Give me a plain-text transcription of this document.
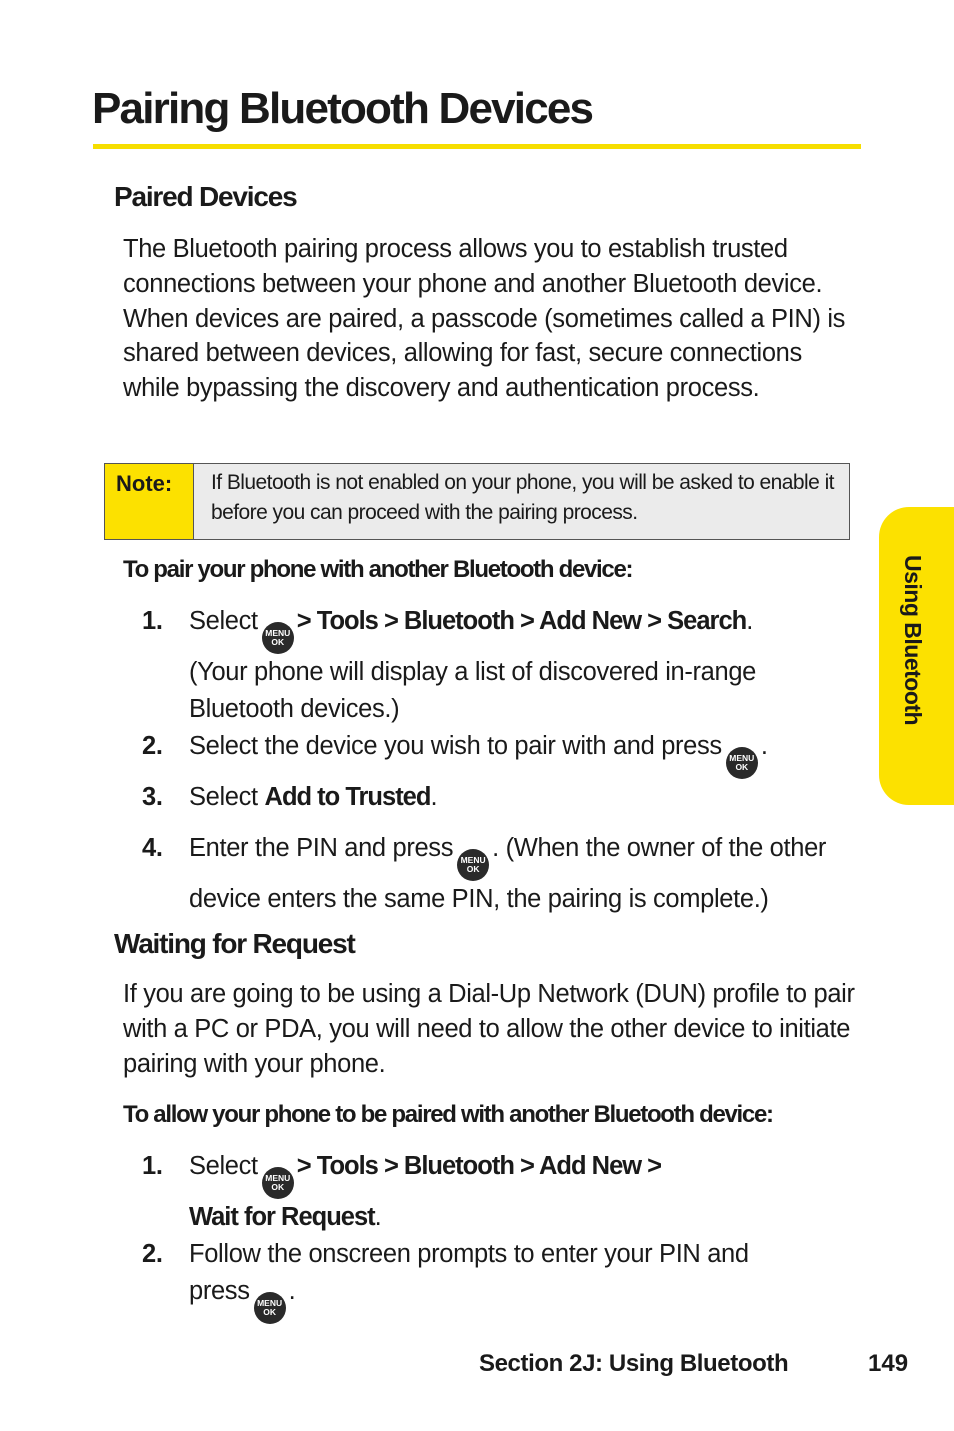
Pairing Bluetooth Devices
Using Bluetooth
Paired Devices

The Bluetooth pairing process allows you to establish trusted connections between your phone and another Bluetooth device. When devices are paired, a passcode (sometimes called a PIN) is shared between devices, allowing for fast, secure connections while bypassing the discovery and authentication process.

Note:	If Bluetooth is not enabled on your phone, you will be asked to enable it before you can proceed with the pairing process.
To pair your phone with another Bluetooth device:
1.	Select MENU
OK
> Tools > Bluetooth > Add New > Search.
(Your phone will display a list of discovered in-range Bluetooth devices.)
2.	Select the device you wish to pair with and press MENU
OK
.
3.	Select Add to Trusted.
4.	Enter the PIN and press MENU
OK
. (When the owner of the other device enters the same PIN, the pairing is complete.)
Waiting for Request

If you are going to be using a Dial-Up Network (DUN) profile to pair with a PC or PDA, you will need to allow the other device to initiate pairing with your phone.

To allow your phone to be paired with another Bluetooth device:
1.	Select MENU
OK
> Tools > Bluetooth > Add New >
Wait for Request.
2.	Follow the onscreen prompts to enter your PIN and
press MENU
OK
.
Section 2J: Using Bluetooth	149
